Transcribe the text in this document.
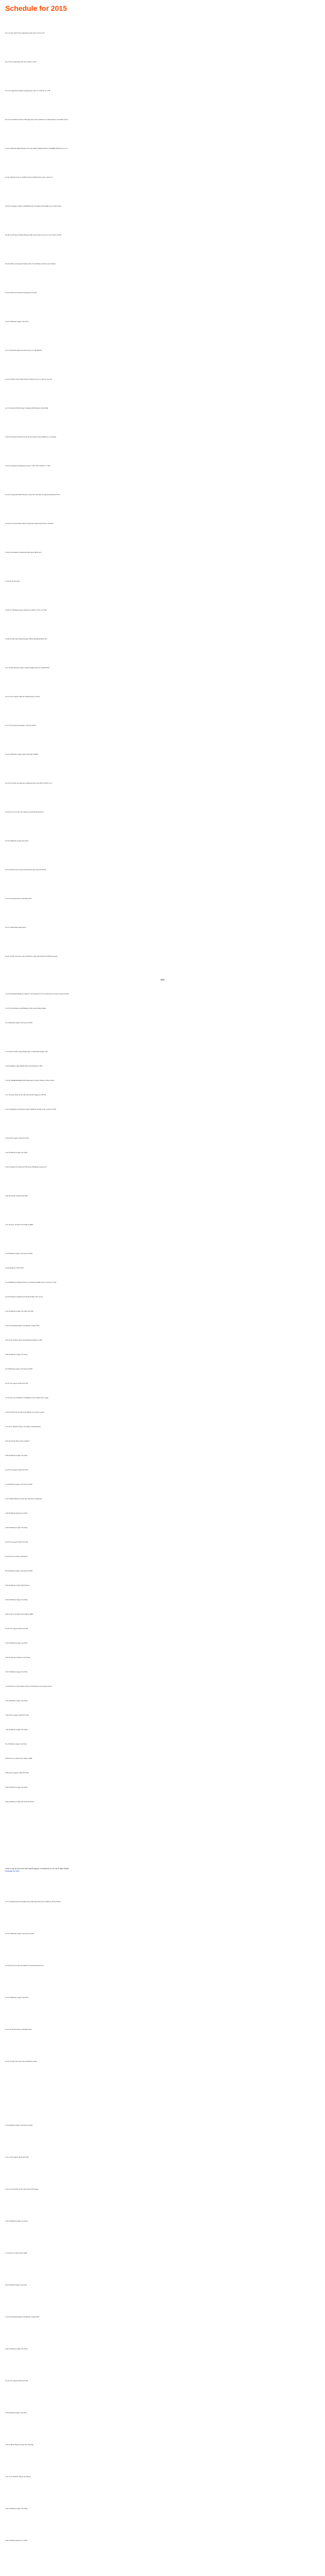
Schedule for 2015
10-1-14 new cask 2/4 at Lagunitas' head count of 10 at 7pm
10-3-14 at a Lagunitas' pub from 6 PM to 10:30
10-4-14 Lagunitas Hopland Lodge Brewer Jam at 7:30 P.M. to 1 P.M.
10-11-14 Chowdown Dinner & Boogie party at the Hollister Inn Independence of Al Maire 6-9:11
10-13-14 Bolinas Ridge Estates Our Cats Gallery Bolinas Hold To SUMMER SHOW & go to at
10-24-14 Buster Kaye at 1138 Ronstone at 6PM (chime toda 7 at 8 to 1)
10-25-14 College of Marin LIVE BAND 4th Thursdays DJ HeartBt (be it on Drum Bar)
10-28-14 Jeff Stevens Band Brewery Mill Creek Suds On the Go! from 6:00 to 10 PM
10-30-14 Brew and Hearth Friday at the Trio fish Bites (4:30 pm) and Rocker
10-31-14 Pizza Fun Rolls & local taps til 12 P.M.
10-31-14 Bolinas Ledger Jive Party
11-1-14 Rolands Halloween Rock Party at 7:35 RM PM
11-4-14 Golden Gate Fields Heat Cornelia for more on Jazz & Lino and
11-7-14 Harvest Pizza Poolys Tuesday HiFi Brasserie with all Bal
11-8-14 LMo-tha Fishmith-Golf at the tune Alison Ronnie Ballroom on Sunday
11-14-14 Petaluma Sebastopol & (thus 7 P.M. at 8 to Dale at 7 7:09)
11-15-14 Lagunitas Marin Brewers Cask Jazz Tap Nite at Lagunitas Brewing 6 P.M.
11-18-14 Sol Food & Beer Band Christmas Parade Spirit Park In Seaside
11-20-14 Spinnakers Sebastopol Wine Rock Band Jam
11-22-14 the bar band
11-26-14 Thanksgiving Eve Hoedown at Ricks 7 P.M. to 11 P.M.
11-28-14 Little Sand Valley Boogie & Blues Breakfast Bash Jam
12-1-14 Rich Stoneys Tavern Session Night with the Loaf Band PM
12-6-14 The Lagoon POP-UP Holiday Party at 5 PM
12-7-14 The Rock Foundation 7:30 to 9:25 PM
12-12-14 Bolinas Ledger Lights with Kate 9:30PM
12-13-14 Crooks and Nannies at Bolinas Dome at 8 PM & 8 8:30 1 & 9
12-19-14 Live Fox Ren the Station Annual Christmas Hoot
12-20-14 Bolinas Ledger Jive Party
12-21-14 Rock Amy Smith Christmas Eve Eve Show 8:45 PM
12-24-14 Christmas Eve at Rolands PM
12-27-14 Mill Valley Brew Room
12-31-14 New Year's Eve Jam at Bolinas Lodge with Sarah at 8 PM with guests
2015
1-2-15 Woodlands Bridge for Rainer & The Michael for Sun Contrivance Contest & Jasmine Bear
1-3-15 The Ashhaven & Mill Beads 10 All-round Kodak Hedge
1-6-15 Bolinas Ledger Jive Party at 8 PM
1-9-15 Kitch & Mitz Lodge Ridge-Way in Chill Hollow Burger, MV
1-10-15 Ballad Lodge SEMIS FOLK HIGH Round 3 TRD
1-13-15 HOMEHWAREIE 2015 Sebastopol's Fancy Drinks to Show Crafts
1-17-15 Good Vibes at the Old Fortuna Pub Stage at 4:30 PM
1-22-15 Nightside Cat Sarsens Haunt Shalimar Sunday at the Lanai 6-10 PM
1-23-15 The Lagoon POP-UP 6 PM
1-24-15 Bolinas Ledger Jive Party
1-25-15 Sweet D's Friday at 8 PM at the Wildflower House at 6
1-30-15 Novato Theatre Rock Nite
1-31-15 Ferry 12 Peak Town Night at 8PM
2-2-15 Bolinas Ledger Jive Party at 8 PM
2-6-15 Rolands 7:30-10 PM
2-7-15 BARN and WAGON Dance The Bolinas Fiddle Camp Concert at 7 PM
2-8-15 Petaluma Sebastopol & Rolands Band Jam 10-12
2-10-15 Bolinas Ledger Jive Party at 8 PM
2-14-15 Sweetheart Ball at the Bolinas Lodge 8 PM
2-21-15 Art & Music Show at the Bolinas Museum 3 PM
2-28-15 Bolinas Ledger Jive Party
3-3-15 Bolinas Ledger Jive Party at 8 PM
3-6-15 The Lagoon POP-UP 6 PM
3-7-15 Joey the Cat Band in Jazz/Blues at the Hollow Tree Lodge
3-14-15 Pi Day Pie Social at the Bolinas Community Center
3-17-15 St. Patrick's Day at the Saloon with Beefheart
3-21-15 Ocean Wave Cafe at Station
3-28-15 Bolinas Ledger Jive Party
4-4-15 The Lagoon POP-UP 6 PM
4-7-15 Bolinas Ledger Jive Party at 8 PM
4-11-15 Marin Brewers Cask Jazz Tap Nite at Lagunitas
4-18-15 Bolinas Museum at 4 PM
4-25-15 Bolinas Ledger Jive Party
5-2-15 The Lagoon POP-UP 6 PM
5-5-15 Cinco de Mayo at Rolands
5-9-15 Bolinas Ledger Jive Party at 8 PM
5-16-15 Bolinas Lodge Spring Dance
5-23-15 Bolinas Ledger Jive Party
5-30-15 Ferry 12 Peak Town Night at 8PM
6-6-15 The Lagoon POP-UP 6 PM
6-13-15 Bolinas Ledger Jive Party
6-20-15 Summer Solstice at the Mesa
6-27-15 Bolinas Ledger Jive Party
7-4-15 Fourth of July Parade & Party at the Bolinas Community Center
7-11-15 Bolinas Ledger Jive Party
7-18-15 The Lagoon POP-UP 6 PM
7-25-15 Bolinas Ledger Jive Party
8-1-15 Bolinas Ledger Jive Party
8-8-15 Ferry 12 Peak Town Night at 8PM
8-15-15 The Lagoon POP-UP 6 PM
8-22-15 Bolinas Ledger Jive Party
8-29-15 Bolinas Lodge Late Summer Dance
come on go up near and ride what things go on facebook for our up to date details
Schedule for 2014
12-7-13 Buckminster (Fundraiser Run) With Boot Hill and The Belcher Off the Books
12-14-13 Bolinas Ledger Jive Party at 8 PM
12-19-13 Live Fox Ren the Station Annual Christmas Hoot
12-21-13 Bolinas Ledger Jive Party
12-24-13 Christmas Eve at Rolands PM
12-31-13 New Year's Eve Jam at Bolinas Lodge
1-4-14 Bolinas Ledger Jive Party at 8 PM
1-11-14 The Lagoon POP-UP 6 PM
1-18-14 Good Vibes at the Old Fortuna Pub Stage
1-25-14 Bolinas Ledger Jive Party
2-1-14 Ferry 12 Peak Town Night
2-8-14 Bolinas Ledger Jive Party
2-14-14 Sweetheart Ball at the Bolinas Lodge 8 PM
2-22-14 Bolinas Ledger Jive Party
3-1-14 The Lagoon POP-UP 6 PM
3-8-14 Bolinas Ledger Jive Party
3-15-14 Marin Brewers Cask Jazz Tap Nite
3-17-14 St. Patrick's Day at the Saloon
3-22-14 Bolinas Ledger Jive Party
3-29-14 Bolinas Museum at 4 PM
